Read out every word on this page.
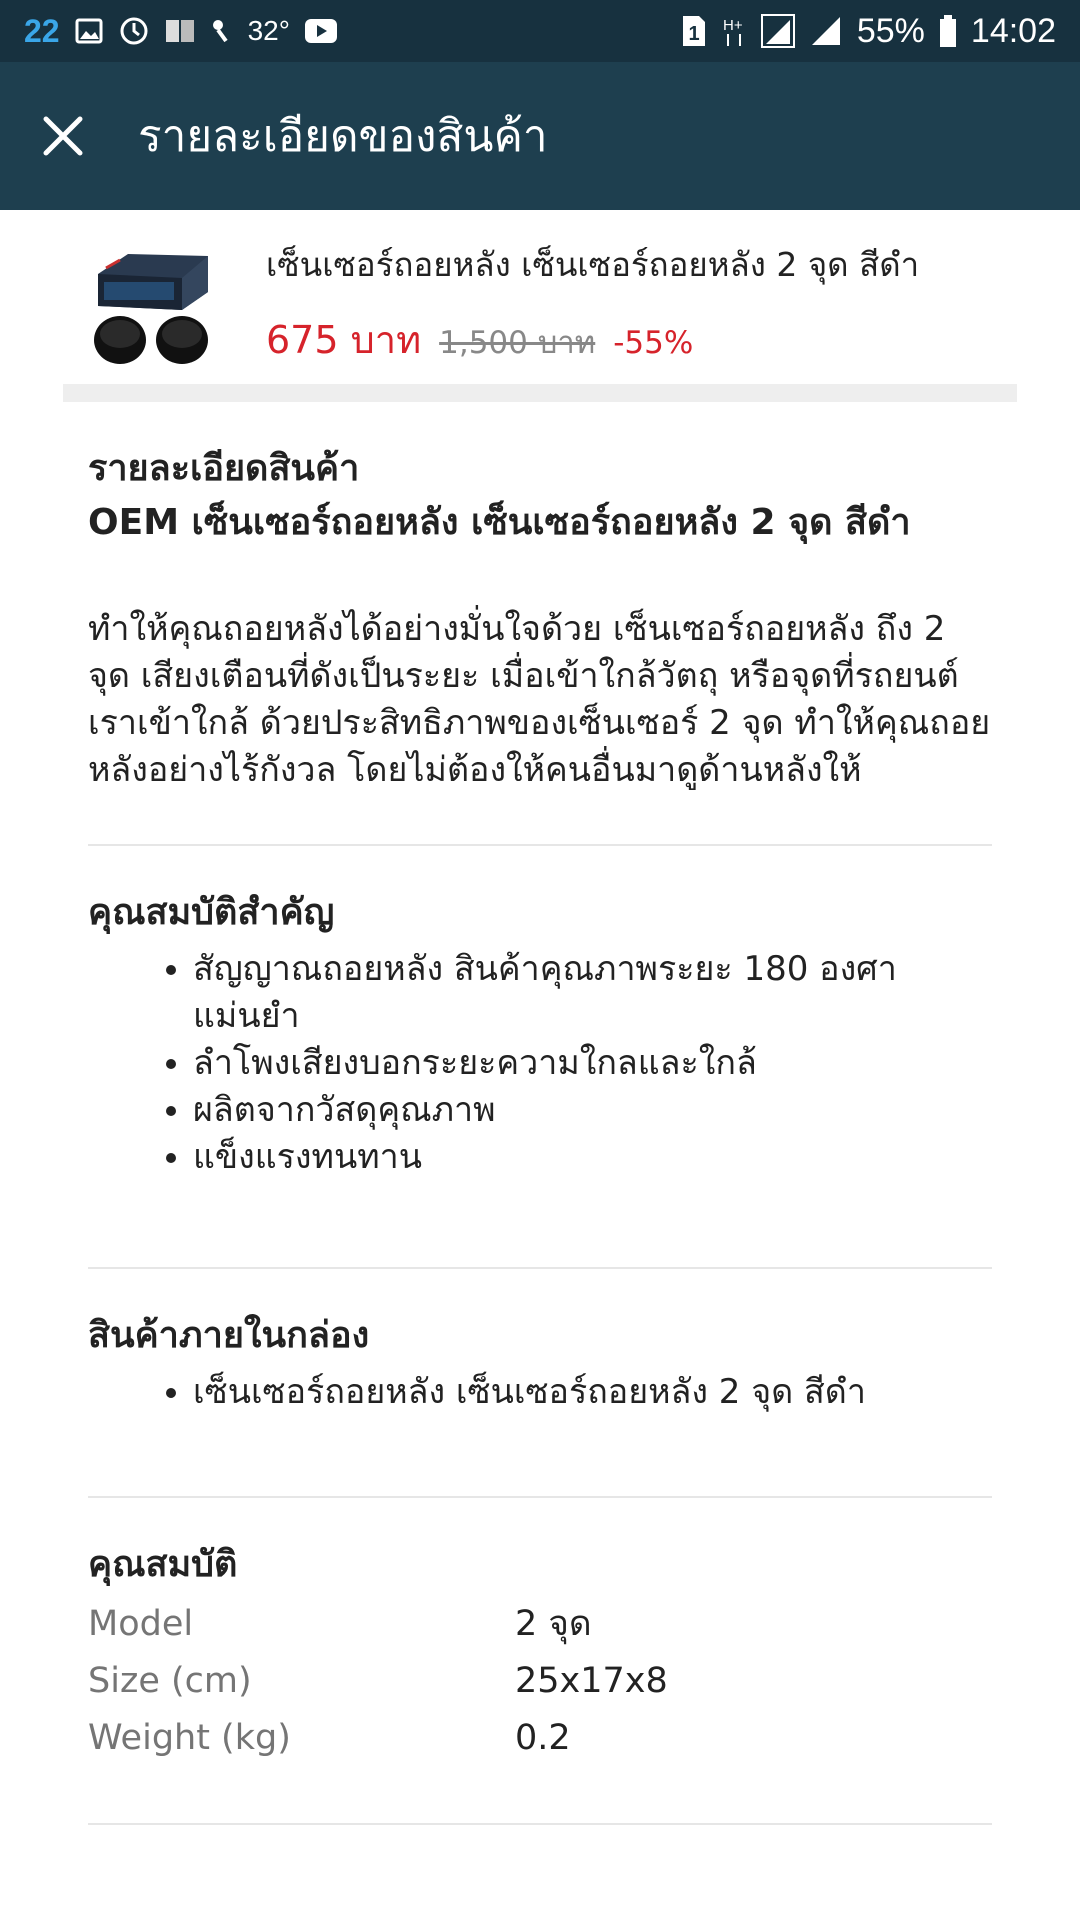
22	32°	1 H+	55% 14:02
รายละเอียดของสินค้า
เซ็นเซอร์ถอยหลัง เซ็นเซอร์ถอยหลัง 2 จุด สีดำ
675 บาท 1,500 บาท -55%
รายละเอียดสินค้า
OEM เซ็นเซอร์ถอยหลัง เซ็นเซอร์ถอยหลัง 2 จุด สีดำ
ทำให้คุณถอยหลังได้อย่างมั่นใจด้วย เซ็นเซอร์ถอยหลัง ถึง 2 จุด เสียงเตือนที่ดังเป็นระยะ เมื่อเข้าใกล้วัตถุ หรือจุดที่รถยนต์เราเข้าใกล้ ด้วยประสิทธิภาพของเซ็นเซอร์ 2 จุด ทำให้คุณถอยหลังอย่างไร้กังวล โดยไม่ต้องให้คนอื่นมาดูด้านหลังให้
คุณสมบัติสำคัญ
• สัญญาณถอยหลัง สินค้าคุณภาพระยะ 180 องศา แม่นยำ
• ลำโพงเสียงบอกระยะความใกลและใกล้
• ผลิตจากวัสดุคุณภาพ
• แข็งแรงทนทาน
สินค้าภายในกล่อง
• เซ็นเซอร์ถอยหลัง เซ็นเซอร์ถอยหลัง 2 จุด สีดำ
คุณสมบัติ
Model	2 จุด
Size (cm)	25x17x8
Weight (kg)	0.2
